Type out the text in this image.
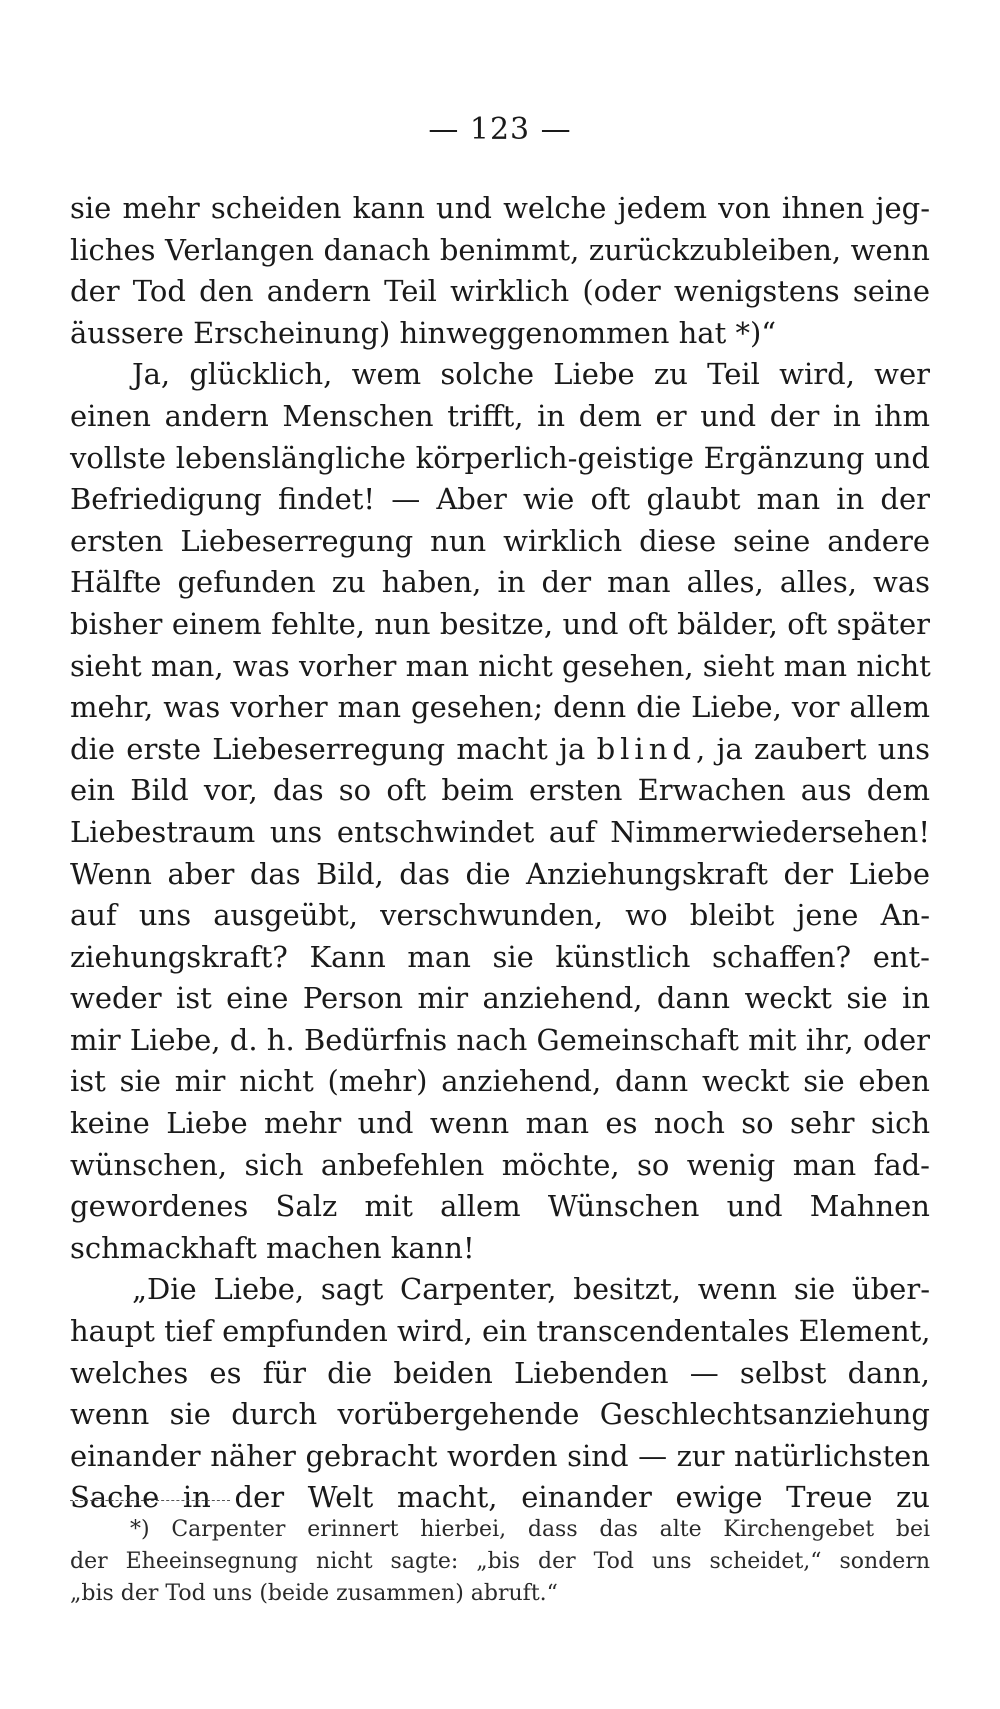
— 123 —
sie mehr scheiden kann und welche jedem von ihnen jeg-
liches Verlangen danach benimmt, zurückzubleiben, wenn
der Tod den andern Teil wirklich (oder wenigstens seine
äussere Erscheinung) hinweggenommen hat *)“
Ja, glücklich, wem solche Liebe zu Teil wird, wer
einen andern Menschen trifft, in dem er und der in ihm
vollste lebenslängliche körperlich-geistige Ergänzung und
Befriedigung findet! — Aber wie oft glaubt man in der
ersten Liebeserregung nun wirklich diese seine andere
Hälfte gefunden zu haben, in der man alles, alles, was
bisher einem fehlte, nun besitze, und oft bälder, oft später
sieht man, was vorher man nicht gesehen, sieht man nicht
mehr, was vorher man gesehen; denn die Liebe, vor allem
die erste Liebeserregung macht ja blind, ja zaubert uns
ein Bild vor, das so oft beim ersten Erwachen aus dem
Liebestraum uns entschwindet auf Nimmerwiedersehen!
Wenn aber das Bild, das die Anziehungskraft der Liebe
auf uns ausgeübt, verschwunden, wo bleibt jene An-
ziehungskraft? Kann man sie künstlich schaffen? ent-
weder ist eine Person mir anziehend, dann weckt sie in
mir Liebe, d. h. Bedürfnis nach Gemeinschaft mit ihr, oder
ist sie mir nicht (mehr) anziehend, dann weckt sie eben
keine Liebe mehr und wenn man es noch so sehr sich
wünschen, sich anbefehlen möchte, so wenig man fad-
gewordenes Salz mit allem Wünschen und Mahnen
schmackhaft machen kann!
„Die Liebe, sagt Carpenter, besitzt, wenn sie über-
haupt tief empfunden wird, ein transcendentales Element,
welches es für die beiden Liebenden — selbst dann,
wenn sie durch vorübergehende Geschlechtsanziehung
einander näher gebracht worden sind — zur natürlichsten
Sache in der Welt macht, einander ewige Treue zu
*) Carpenter erinnert hierbei, dass das alte Kirchengebet bei
der Eheeinsegnung nicht sagte: „bis der Tod uns scheidet,“ sondern
„bis der Tod uns (beide zusammen) abruft.“
